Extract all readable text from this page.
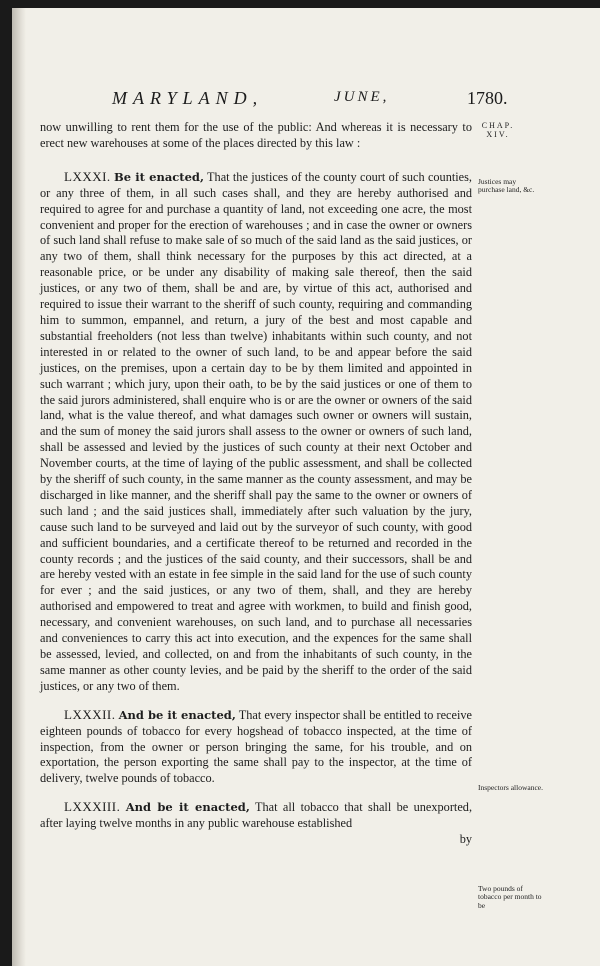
MARYLAND,	JUNE,	1780.
CHAP.
XIV.

now unwilling to rent them for the use of the public: And whereas it is necessary to erect new warehouses at some of the places directed by this law :

LXXXI. Be it enacted, That the justices of the county court of such counties, or any three of them, in all such cases shall, and they are hereby authorised and required to agree for and purchase a quantity of land, not exceeding one acre, the most convenient and proper for the erection of warehouses ; and in case the owner or owners of such land shall refuse to make sale of so much of the said land as the said justices, or any two of them, shall think necessary for the purposes by this act directed, at a reasonable price, or be under any disability of making sale thereof, then the said justices, or any two of them, shall be and are, by virtue of this act, authorised and required to issue their warrant to the sheriff of such county, requiring and commanding him to summon, empannel, and return, a jury of the best and most capable and substantial freeholders (not less than twelve) inhabitants within such county, and not interested in or related to the owner of such land, to be and appear before the said justices, on the premises, upon a certain day to be by them limited and appointed in such warrant ; which jury, upon their oath, to be by the said justices or one of them to the said jurors administered, shall enquire who is or are the owner or owners of the said land, what is the value thereof, and what damages such owner or owners will sustain, and the sum of money the said jurors shall assess to the owner or owners of such land, shall be assessed and levied by the justices of such county at their next October and November courts, at the time of laying of the public assessment, and shall be collected by the sheriff of such county, in the same manner as the county assessment, and may be discharged in like manner, and the sheriff shall pay the same to the owner or owners of such land ; and the said justices shall, immediately after such valuation by the jury, cause such land to be surveyed and laid out by the surveyor of such county, with good and sufficient boundaries, and a certificate thereof to be returned and recorded in the county records ; and the justices of the said county, and their successors, shall be and are hereby vested with an estate in fee simple in the said land for the use of such county for ever ; and the said justices, or any two of them, shall, and they are hereby authorised and empowered to treat and agree with workmen, to build and finish good, necessary, and convenient warehouses, on such land, and to purchase all necessaries and conveniences to carry this act into execution, and the expences for the same shall be assessed, levied, and collected, on and from the inhabitants of such county, in the same manner as other county levies, and be paid by the sheriff to the order of the said justices, or any two of them.

LXXXII. And be it enacted, That every inspector shall be entitled to receive eighteen pounds of tobacco for every hogshead of tobacco inspected, at the time of inspection, from the owner or person bringing the same, for his trouble, and on exportation, the person exporting the same shall pay to the inspector, at the time of delivery, twelve pounds of tobacco.

LXXXIII. And be it enacted, That all tobacco that shall be unexported, after laying twelve months in any public warehouse established

by

Justices may purchase land, &c.
Inspectors allowance.
Two pounds of tobacco per month to be
